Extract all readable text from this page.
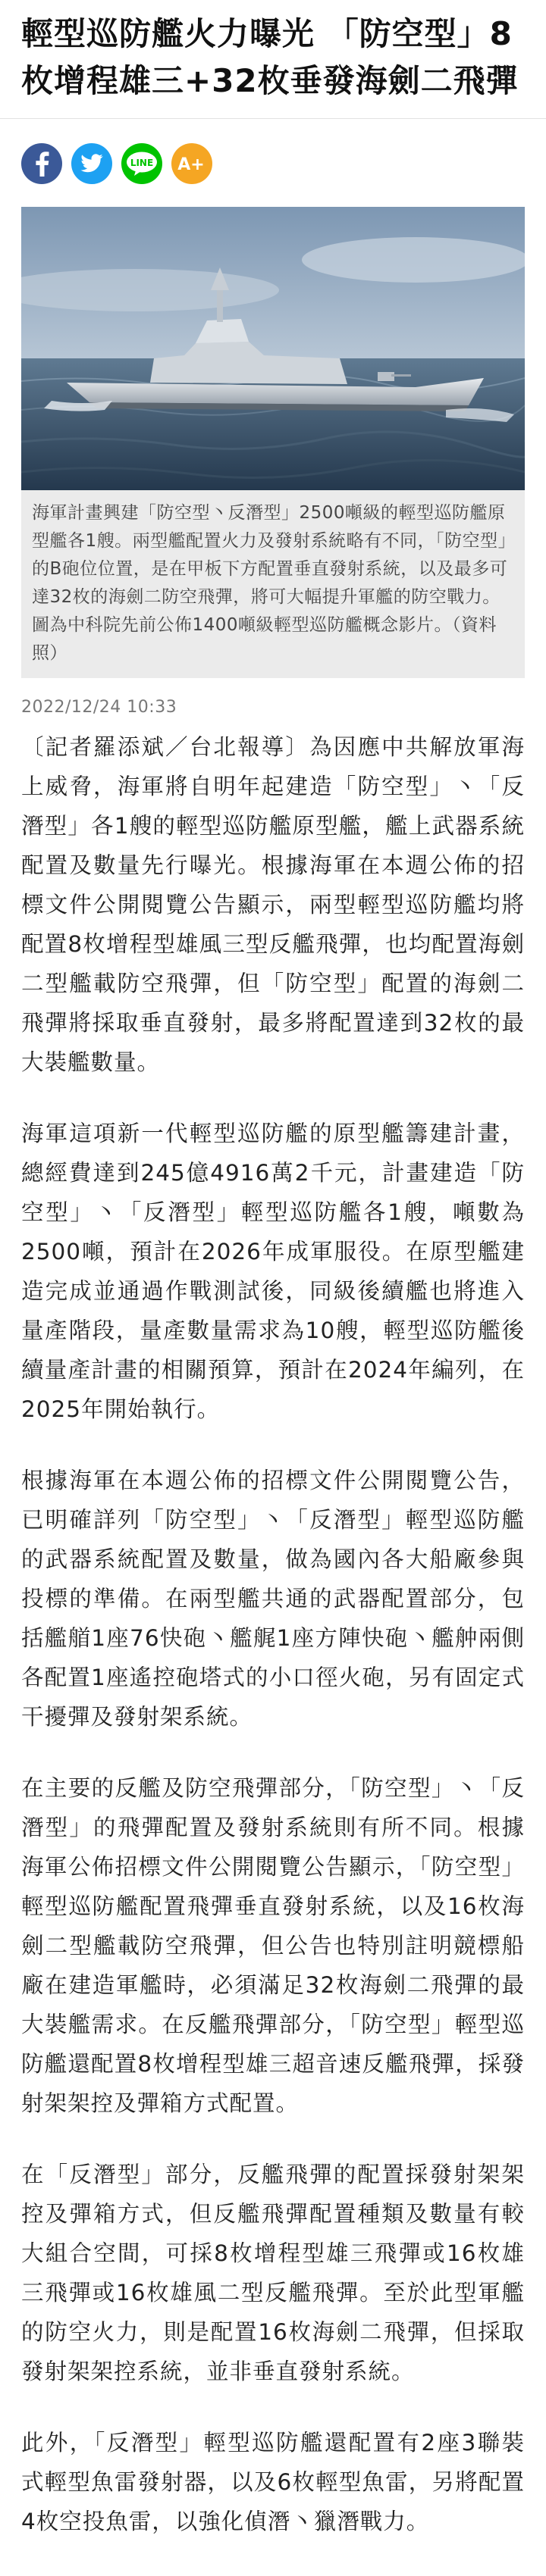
輕型巡防艦火力曝光 「防空型」8枚增程雄三+32枚垂發海劍二飛彈
LINE A+
海軍計畫興建「防空型丶反潛型」2500噸級的輕型巡防艦原型艦各1艘。兩型艦配置火力及發射系統略有不同，「防空型」的B砲位位置，是在甲板下方配置垂直發射系統，以及最多可達32枚的海劍二防空飛彈，將可大幅提升軍艦的防空戰力。圖為中科院先前公佈1400噸級輕型巡防艦概念影片。（資料照）
2022/12/24 10:33

〔記者羅添斌／台北報導〕為因應中共解放軍海上威脅，海軍將自明年起建造「防空型」丶「反潛型」各1艘的輕型巡防艦原型艦，艦上武器系統配置及數量先行曝光。根據海軍在本週公佈的招標文件公開閱覽公告顯示，兩型輕型巡防艦均將配置8枚增程型雄風三型反艦飛彈，也均配置海劍二型艦載防空飛彈，但「防空型」配置的海劍二飛彈將採取垂直發射，最多將配置達到32枚的最大裝艦數量。

海軍這項新一代輕型巡防艦的原型艦籌建計畫，總經費達到245億4916萬2千元，計畫建造「防空型」丶「反潛型」輕型巡防艦各1艘，噸數為2500噸，預計在2026年成軍服役。在原型艦建造完成並通過作戰測試後，同級後續艦也將進入量產階段，量產數量需求為10艘，輕型巡防艦後續量產計畫的相關預算，預計在2024年編列，在2025年開始執行。

根據海軍在本週公佈的招標文件公開閱覽公告，已明確詳列「防空型」丶「反潛型」輕型巡防艦的武器系統配置及數量，做為國內各大船廠參與投標的準備。在兩型艦共通的武器配置部分，包括艦艏1座76快砲丶艦艉1座方陣快砲丶艦舯兩側各配置1座遙控砲塔式的小口徑火砲，另有固定式干擾彈及發射架系統。

在主要的反艦及防空飛彈部分，「防空型」丶「反潛型」的飛彈配置及發射系統則有所不同。根據海軍公佈招標文件公開閱覽公告顯示，「防空型」輕型巡防艦配置飛彈垂直發射系統，以及16枚海劍二型艦載防空飛彈，但公告也特別註明競標船廠在建造軍艦時，必須滿足32枚海劍二飛彈的最大裝艦需求。在反艦飛彈部分，「防空型」輕型巡防艦還配置8枚增程型雄三超音速反艦飛彈，採發射架架控及彈箱方式配置。

在「反潛型」部分，反艦飛彈的配置採發射架架控及彈箱方式，但反艦飛彈配置種類及數量有較大組合空間，可採8枚增程型雄三飛彈或16枚雄三飛彈或16枚雄風二型反艦飛彈。至於此型軍艦的防空火力，則是配置16枚海劍二飛彈，但採取發射架架控系統，並非垂直發射系統。

此外，「反潛型」輕型巡防艦還配置有2座3聯裝式輕型魚雷發射器，以及6枚輕型魚雷，另將配置4枚空投魚雷，以強化偵潛丶獵潛戰力。
